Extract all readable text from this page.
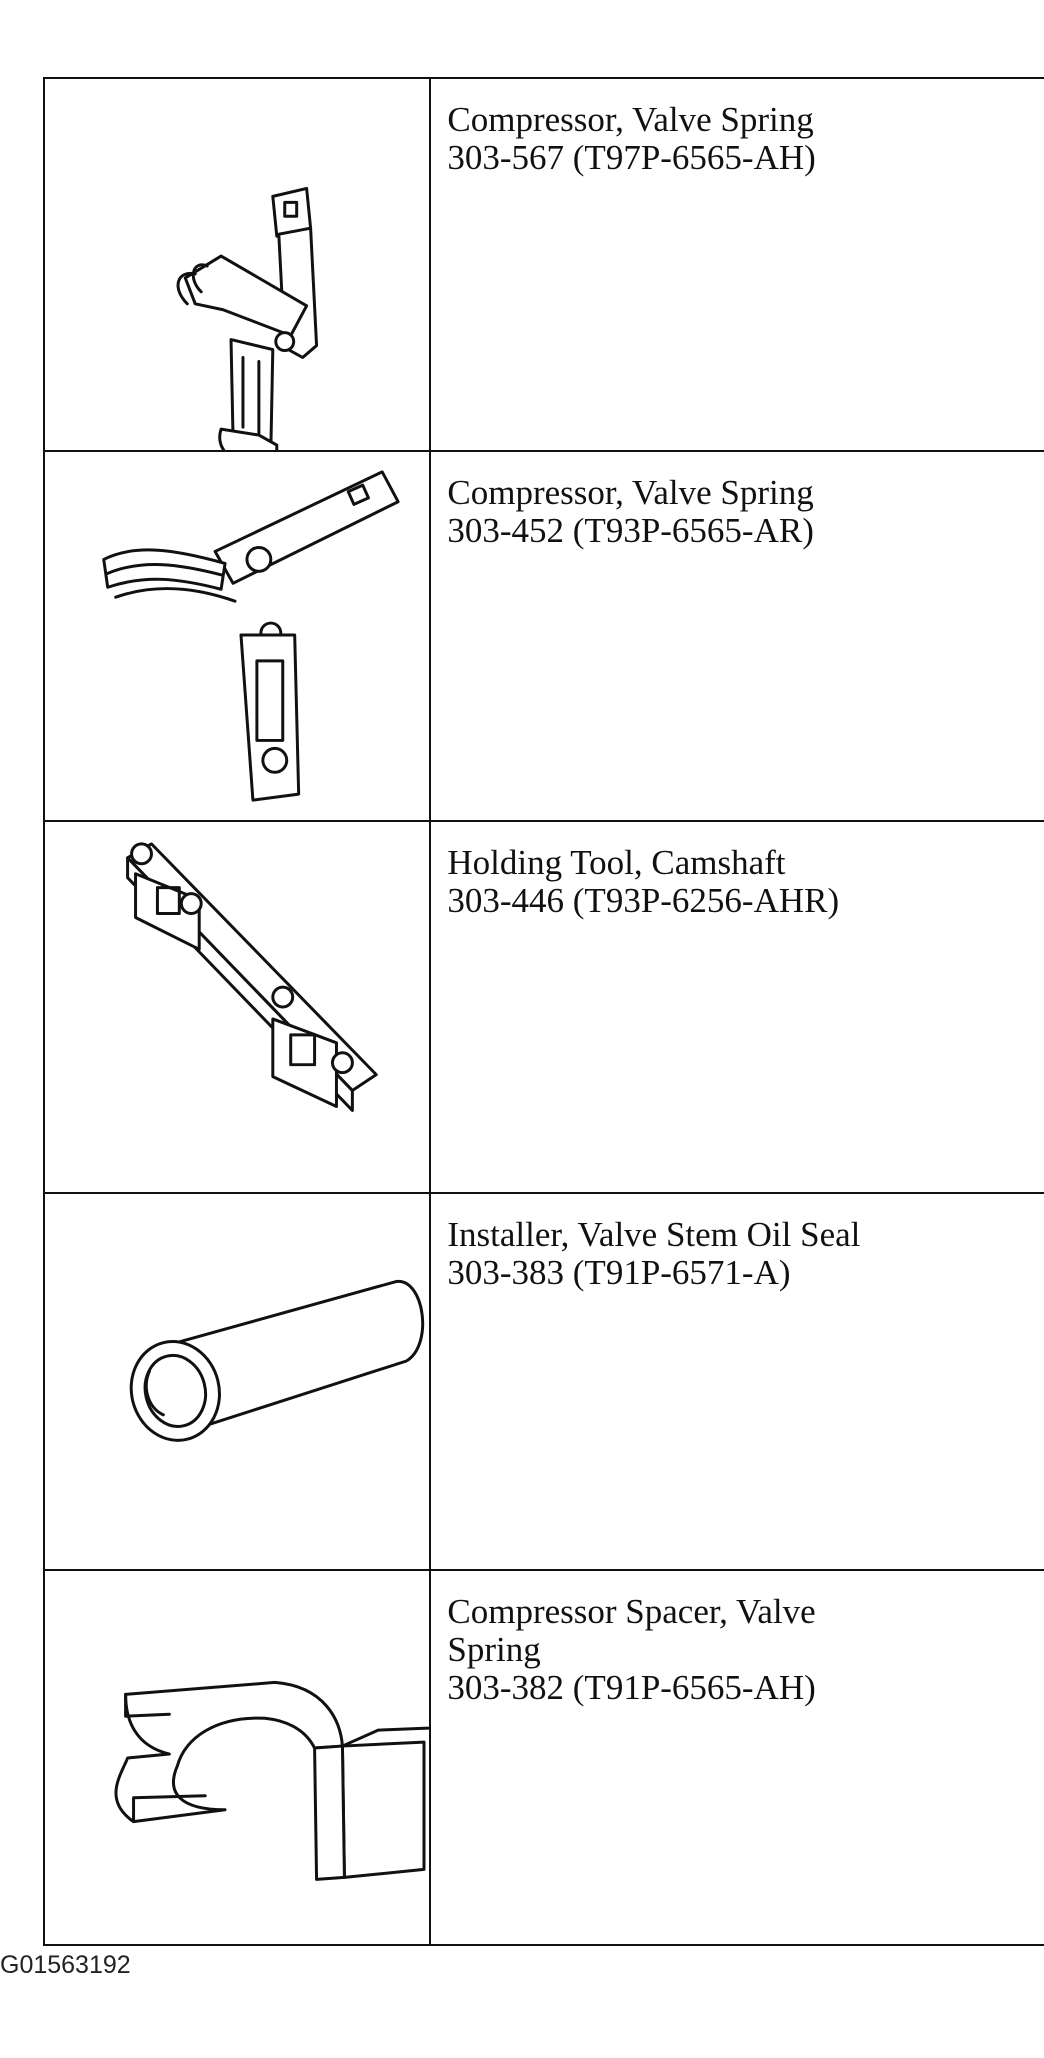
Compressor, Valve Spring
303-567 (T97P-6565-AH)

Compressor, Valve Spring
303-452 (T93P-6565-AR)

Holding Tool, Camshaft
303-446 (T93P-6256-AHR)

Installer, Valve Stem Oil Seal
303-383 (T91P-6571-A)

Compressor Spacer, Valve
Spring
303-382 (T91P-6565-AH)
G01563192
